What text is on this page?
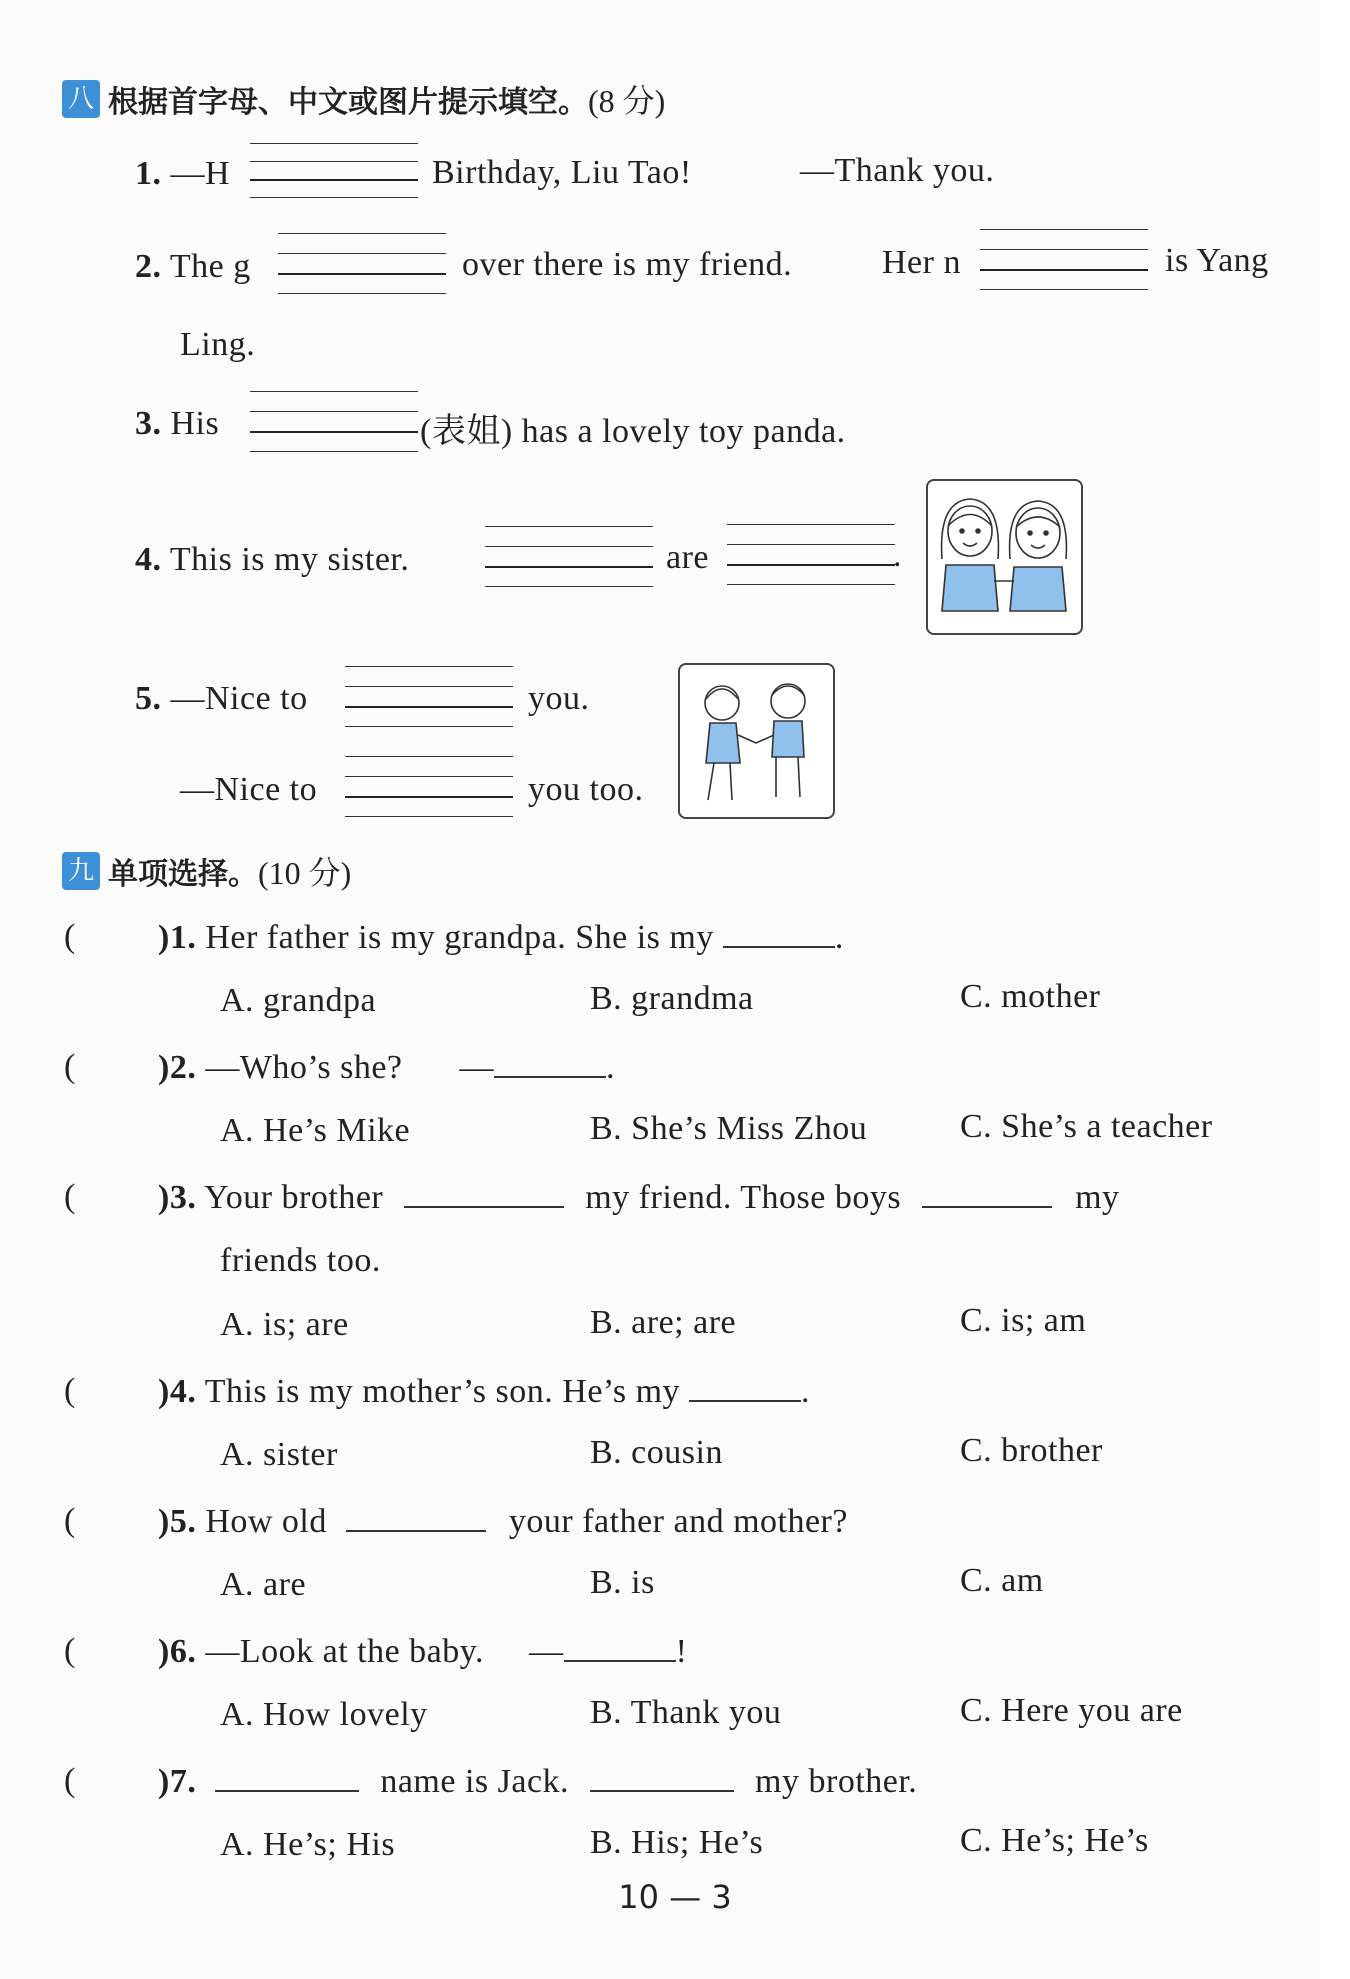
八 根据首字母、中文或图片提示填空。(8 分)
1. —H	Birthday, Liu Tao!	—Thank you.
2. The g	over there is my friend.	Her n	is Yang
Ling.
3. His	(表姐) has a lovely toy panda.
4. This is my sister.	are	.
5. —Nice to	you.
—Nice to	you too.
九 单项选择。(10 分)
( )1. Her father is my grandpa. She is my	.
A. grandpa	B. grandma	C. mother
( )2. —Who’s she? —	.
A. He’s Mike	B. She’s Miss Zhou	C. She’s a teacher
( )3. Your brother	my friend. Those boys	my
friends too.
A. is; are	B. are; are	C. is; am
( )4. This is my mother’s son. He’s my	.
A. sister	B. cousin	C. brother
( )5. How old	your father and mother?
A. are	B. is	C. am
( )6. —Look at the baby. —	!
A. How lovely	B. Thank you	C. Here you are
( )7.	name is Jack.	my brother.
A. He’s; His	B. His; He’s	C. He’s; He’s
10 — 3
